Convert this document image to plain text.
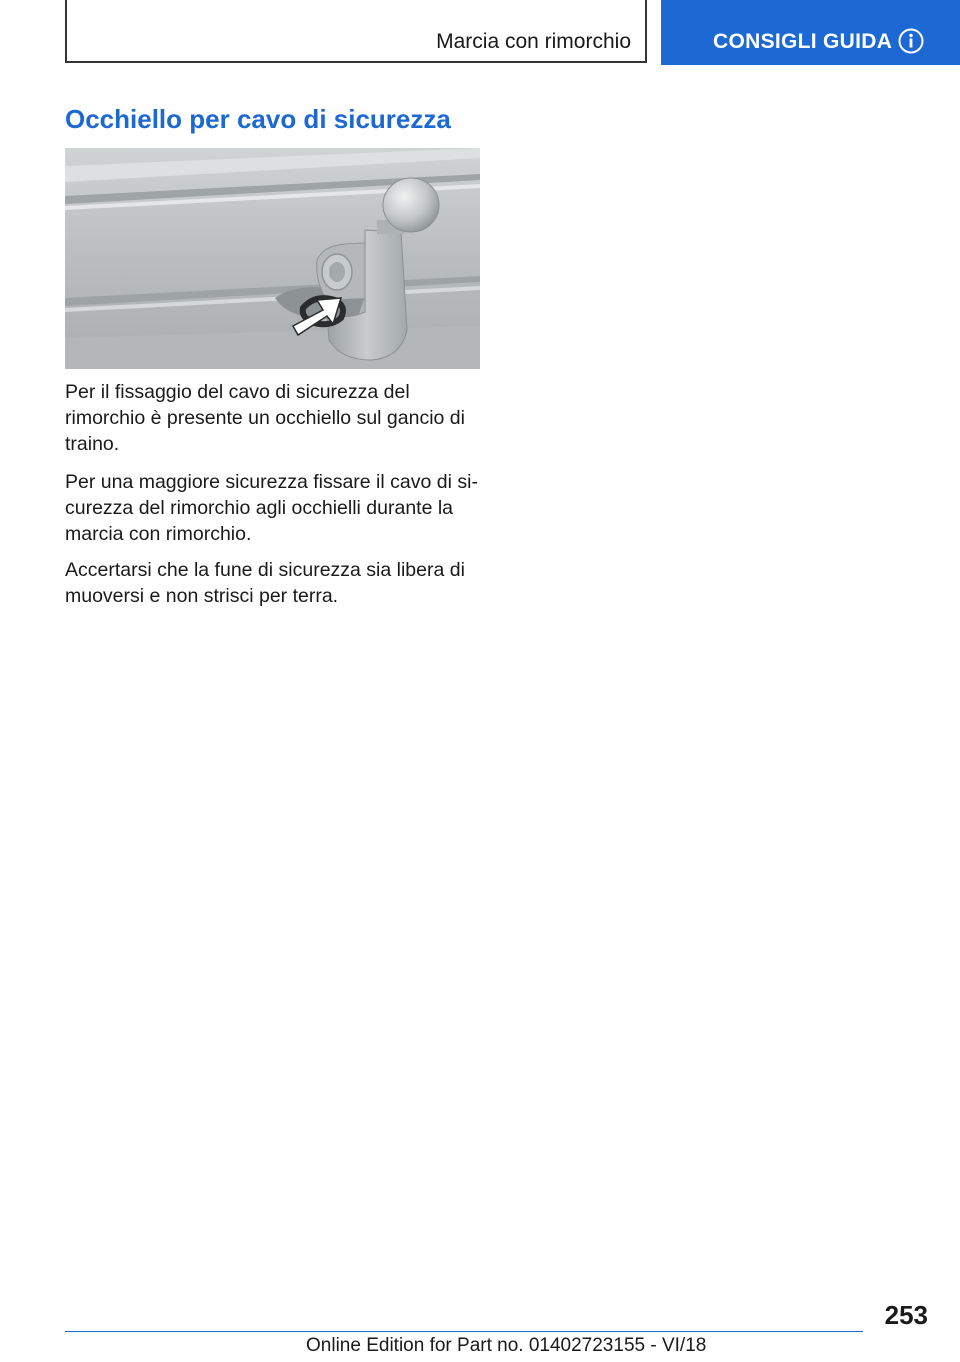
Marcia con rimorchio	CONSIGLI GUIDA
Occhiello per cavo di sicurezza

Per il fissaggio del cavo di sicurezza del rimorchio è presente un occhiello sul gancio di traino.

Per una maggiore sicurezza fissare il cavo di sicurezza del rimorchio agli occhielli durante la marcia con rimorchio.

Accertarsi che la fune di sicurezza sia libera di muoversi e non strisci per terra.

253
Online Edition for Part no. 01402723155 - VI/18
